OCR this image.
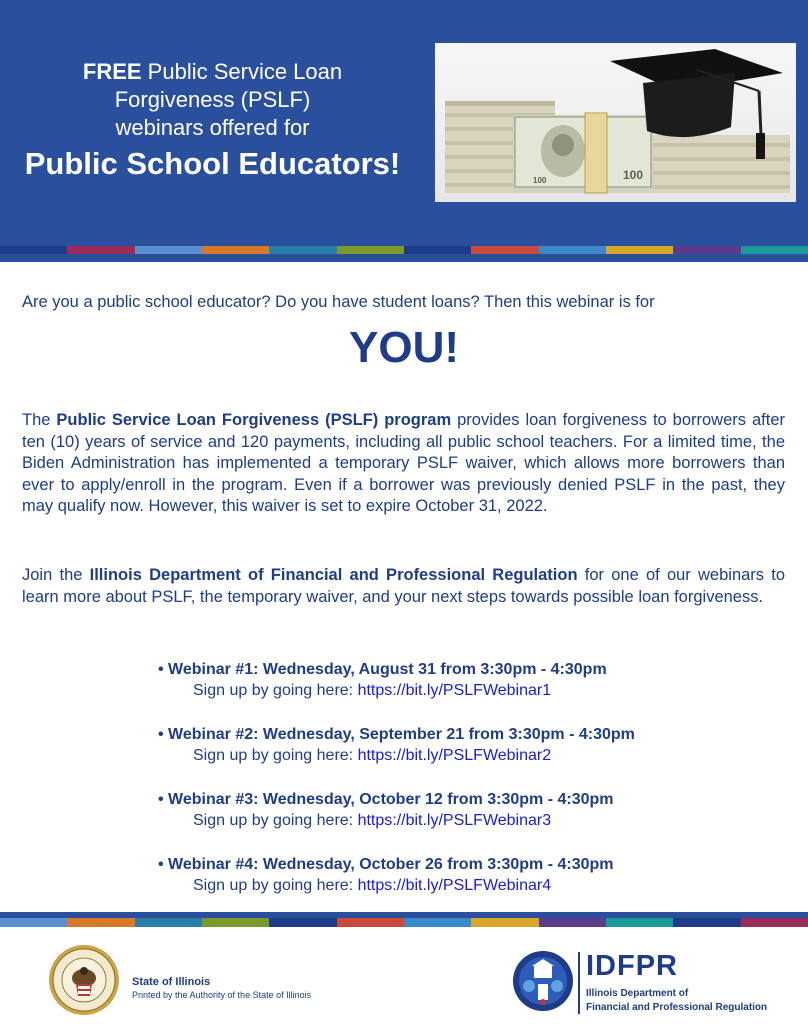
FREE Public Service Loan
Forgiveness (PSLF)
webinars offered for
Public School Educators!	100
100
Are you a public school educator? Do you have student loans? Then this webinar is for
YOU!
The Public Service Loan Forgiveness (PSLF) program provides loan forgiveness to borrowers after ten (10) years of service and 120 payments, including all public school teachers. For a limited time, the Biden Administration has implemented a temporary PSLF waiver, which allows more borrowers than ever to apply/enroll in the program. Even if a borrower was previously denied PSLF in the past, they may qualify now. However, this waiver is set to expire October 31, 2022.
Join the Illinois Department of Financial and Professional Regulation for one of our webinars to learn more about PSLF, the temporary waiver, and your next steps towards possible loan forgiveness.
• Webinar #1: Wednesday, August 31 from 3:30pm - 4:30pm
Sign up by going here: https://bit.ly/PSLFWebinar1
• Webinar #2: Wednesday, September 21 from 3:30pm - 4:30pm
Sign up by going here: https://bit.ly/PSLFWebinar2
• Webinar #3: Wednesday, October 12 from 3:30pm - 4:30pm
Sign up by going here: https://bit.ly/PSLFWebinar3
• Webinar #4: Wednesday, October 26 from 3:30pm - 4:30pm
Sign up by going here: https://bit.ly/PSLFWebinar4
State of Illinois
Printed by the Authority of the State of Illinois
IDFPR
Illinois Department of
Financial and Professional Regulation
